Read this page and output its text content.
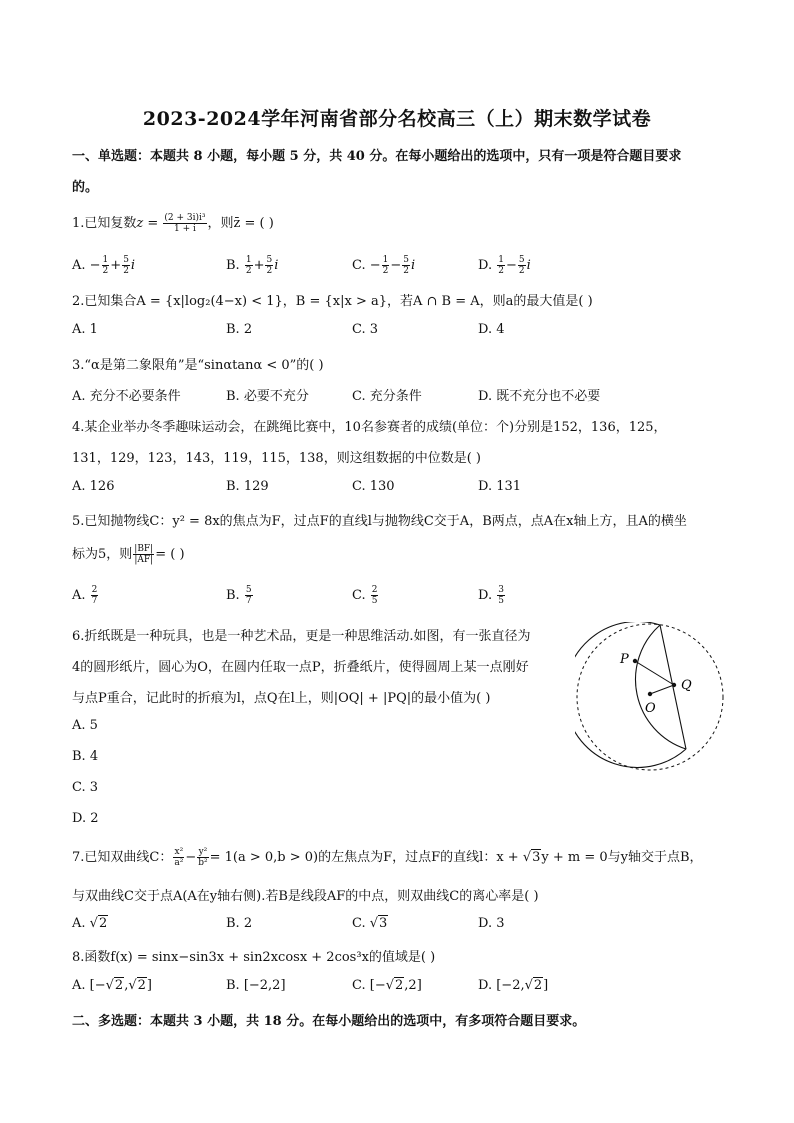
2023-2024学年河南省部分名校高三（上）期末数学试卷
一、单选题：本题共 8 小题，每小题 5 分，共 40 分。在每小题给出的选项中，只有一项是符合题目要求
的。
1.已知复数$z = \frac{\text{(2 + 3i)i³}}{1 + i}$ ，则z̄ = ( )
A. − $\frac{1}{2} + \frac{5}{2}$ i	B. $\frac{1}{2} + \frac{5}{2}$ i	C. − $\frac{1}{2} - \frac{5}{2}$ i	D. $\frac{1}{2} - \frac{5}{2}$ i
2.已知集合A = {x|log₂(4−x) < 1}，B = {x|x > a}，若A ∩ B = A，则a的最大值是( )
A. 1	B. 2	C. 3	D. 4
3.“α是第二象限角”是“sinαtanα < 0”的( )
A. 充分不必要条件	B. 必要不充分	C. 充分条件	D. 既不充分也不必要
4.某企业举办冬季趣味运动会，在跳绳比赛中，10名参赛者的成绩(单位：个)分别是152，136，125，
131，129，123，143，119，115，138，则这组数据的中位数是( )
A. 126	B. 129	C. 130	D. 131
5.已知抛物线C：y² = 8x的焦点为F，过点F的直线l与抛物线C交于A，B两点，点A在x轴上方，且A的横坐
标为5，则 $\frac{|BF|}{|AF|}$ = ( )
A. $\frac{2}{7}$	B. $\frac{5}{7}$	C. $\frac{2}{5}$	D. $\frac{3}{5}$
6.折纸既是一种玩具，也是一种艺术品，更是一种思维活动.如图，有一张直径为
4的圆形纸片，圆心为O，在圆内任取一点P，折叠纸片，使得圆周上某一点刚好
与点P重合，记此时的折痕为l，点Q在l上，则|OQ| + |PQ|的最小值为( )
A. 5
B. 4
C. 3
D. 2
P
Q
O
7.已知双曲线C： $\frac{\text{x²}}{\text{a²}} - \frac{\text{y²}}{\text{b²}} = 1(a > 0,b > 0)$的左焦点为F，过点F的直线l：x + √3y + m = 0与y轴交于点B，
与双曲线C交于点A(A在y轴右侧).若B是线段AF的中点，则双曲线C的离心率是( )
A. √2	B. 2	C. √3	D. 3
8.函数f(x) = sinx−sin3x + sin2xcosx + 2cos³x的值域是( )
A. [−√2,√2]	B. [−2,2]	C. [−√2,2]	D. [−2,√2]
二、多选题：本题共 3 小题，共 18 分。在每小题给出的选项中，有多项符合题目要求。
